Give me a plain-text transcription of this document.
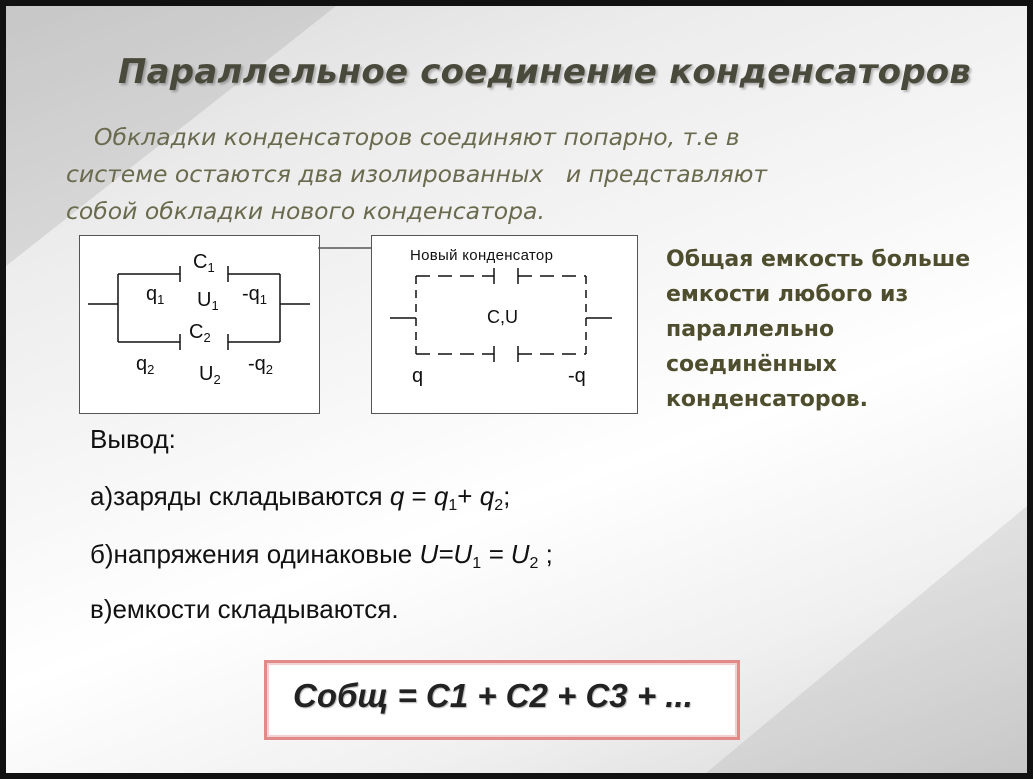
Параллельное соединение конденсаторов
Обкладки конденсаторов соединяют попарно, т.е в
системе остаются два изолированных   и представляют
собой обкладки нового конденсатора.
$C_1$
$q_1$ $U_1$
$-q_1$
$C_2$
$q_2$ $U_2$
$-q_2$
Новый конденсатор
C,U
q	-q
Общая емкость больше
емкости любого из
параллельно
соединённых
конденсаторов.
Вывод:
а)заряды складываются $q = q_1+ q_2$;
б)напряжения одинаковые $U=U_1 = U_2$ ;
в)емкости складываются.
Cобщ = C1 + C2 + C3 + ...
